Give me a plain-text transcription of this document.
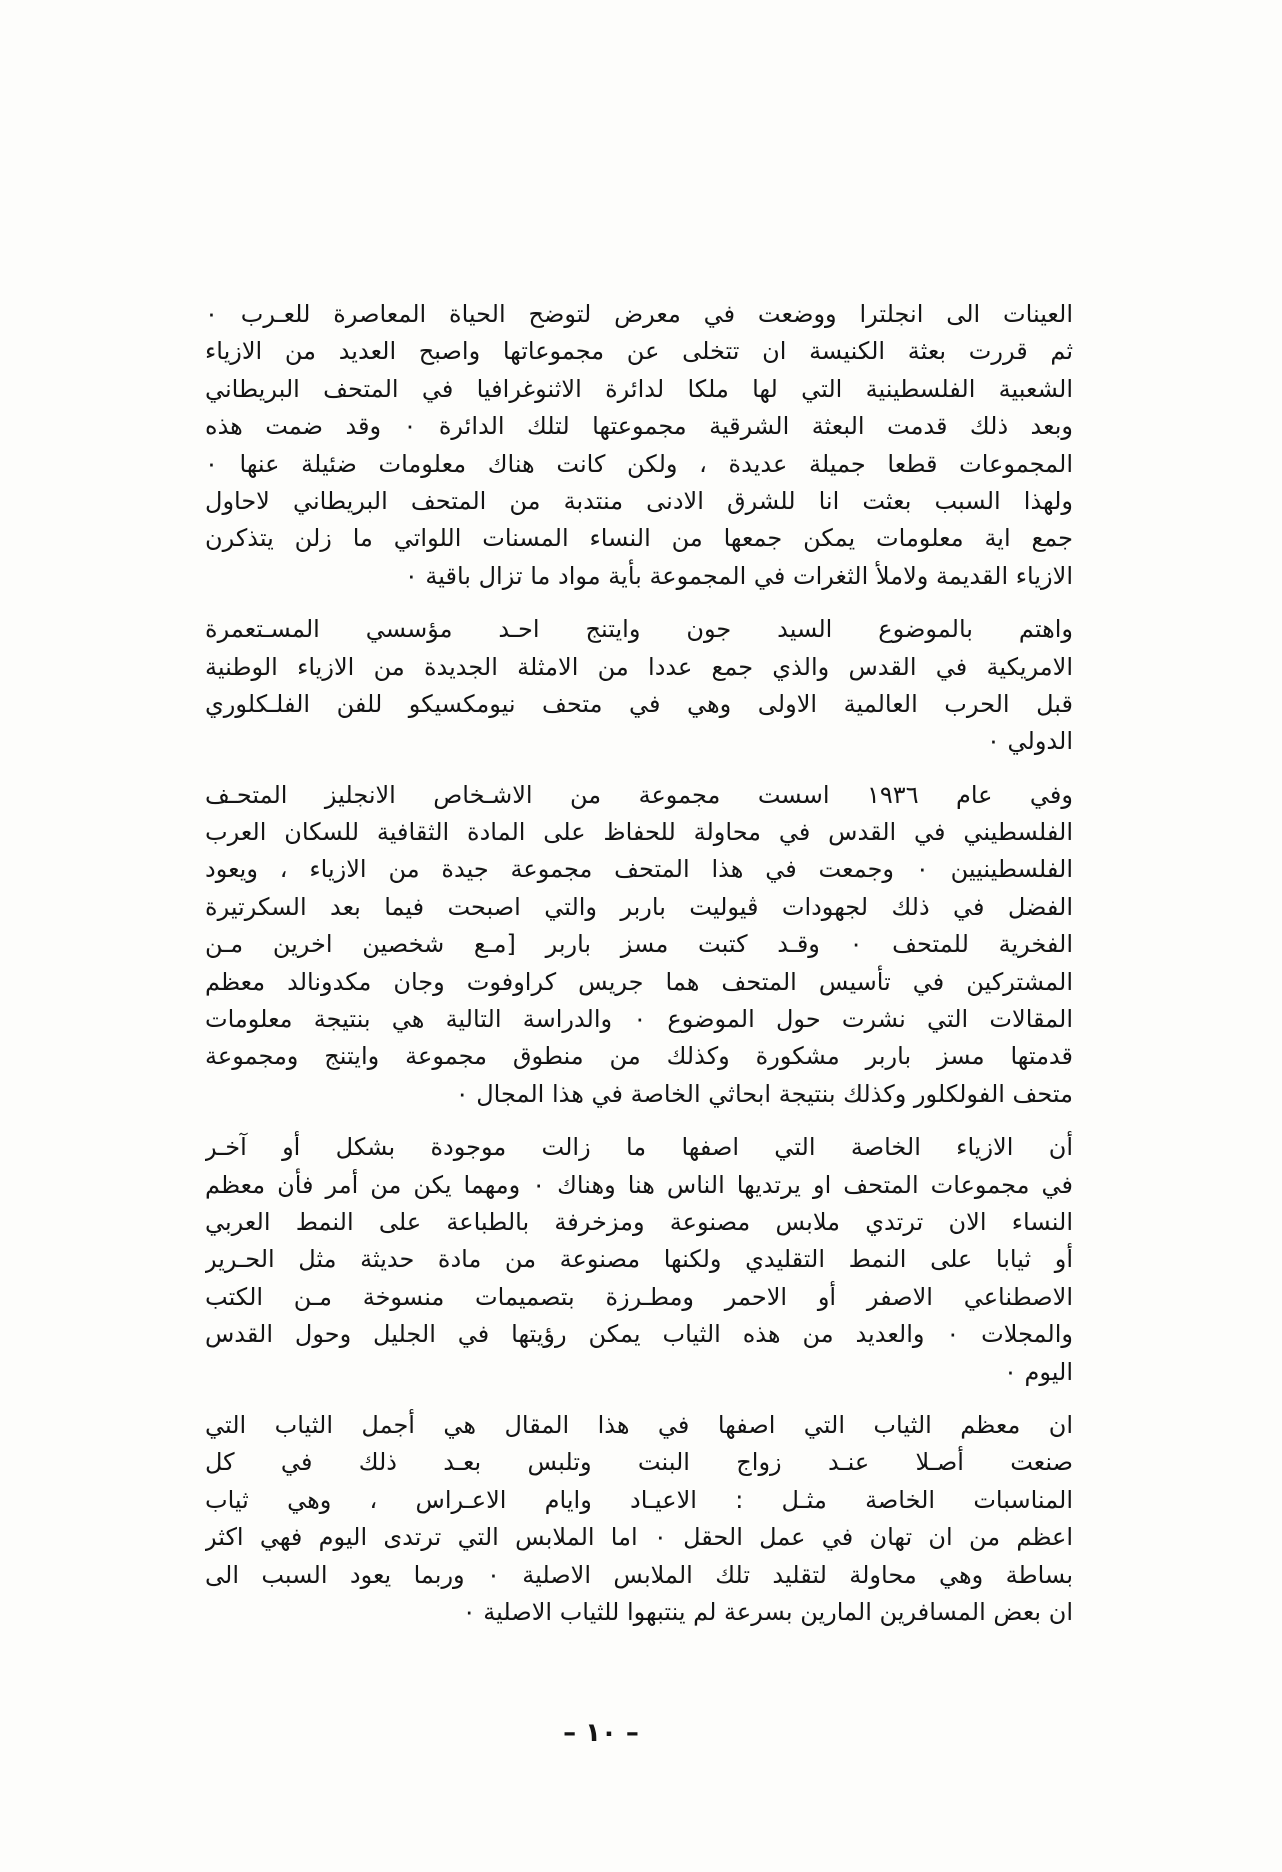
العينات الى انجلترا ووضعت في معرض لتوضح الحياة المعاصرة للعـرب ٠
ثم قررت بعثة الكنيسة ان تتخلى عن مجموعاتها واصبح العديد من الازياء
الشعبية الفلسطينية التي لها ملكا لدائرة الاثنوغرافيا في المتحف البريطاني
وبعد ذلك قدمت البعثة الشرقية مجموعتها لتلك الدائرة ٠ وقد ضمت هذه
المجموعات قطعا جميلة عديدة ، ولكن كانت هناك معلومات ضئيلة عنها ٠
ولهذا السبب بعثت انا للشرق الادنى منتدبة من المتحف البريطاني لاحاول
جمع اية معلومات يمكن جمعها من النساء المسنات اللواتي ما زلن يتذكرن
الازياء القديمة ولاملأ الثغرات في المجموعة بأية مواد ما تزال باقية ٠
واهتم بالموضوع السيد جون وايتنج احـد مؤسسي المسـتعمرة
الامريكية في القدس والذي جمع عددا من الامثلة الجديدة من الازياء الوطنية
قبل الحرب العالمية الاولى وهي في متحف نيومكسيكو للفن الفلـكلوري
الدولي ٠
وفي عام ١٩٣٦ اسست مجموعة من الاشـخاص الانجليز المتحـف
الفلسطيني في القدس في محاولة للحفاظ على المادة الثقافية للسكان العرب
الفلسطينيين ٠ وجمعت في هذا المتحف مجموعة جيدة من الازياء ، ويعود
الفضل في ذلك لجهودات ڤيوليت باربر والتي اصبحت فيما بعد السكرتيرة
الفخرية للمتحف ٠ وقـد كتبت مسز باربر [مـع شخصين اخرين مـن
المشتركين في تأسيس المتحف هما جريس كراوفوت وجان مكدونالد معظم
المقالات التي نشرت حول الموضوع ٠ والدراسة التالية هي بنتيجة معلومات
قدمتها مسز باربر مشكورة وكذلك من منطوق مجموعة وايتنج ومجموعة
متحف الفولكلور وكذلك بنتيجة ابحاثي الخاصة في هذا المجال ٠
أن الازياء الخاصة التي اصفها ما زالت موجودة بشكل أو آخـر
في مجموعات المتحف او يرتديها الناس هنا وهناك ٠ ومهما يكن من أمر فأن معظم
النساء الان ترتدي ملابس مصنوعة ومزخرفة بالطباعة على النمط العربي
أو ثيابا على النمط التقليدي ولكنها مصنوعة من مادة حديثة مثل الحـرير
الاصطناعي الاصفر أو الاحمر ومطـرزة بتصميمات منسوخة مـن الكتب
والمجلات ٠ والعديد من هذه الثياب يمكن رؤيتها في الجليل وحول القدس
اليوم ٠
ان معظم الثياب التي اصفها في هذا المقال هي أجمل الثياب التي
صنعت أصـلا عنـد زواج البنت وتلبس بعـد ذلك في كل
المناسبات الخاصة مثـل : الاعيـاد وايام الاعـراس ، وهي ثياب
اعظم من ان تهان في عمل الحقل ٠ اما الملابس التي ترتدى اليوم فهي اكثر
بساطة وهي محاولة لتقليد تلك الملابس الاصلية ٠ وربما يعود السبب الى
ان بعض المسافرين المارين بسرعة لم ينتبهوا للثياب الاصلية ٠
– ١٠ –
